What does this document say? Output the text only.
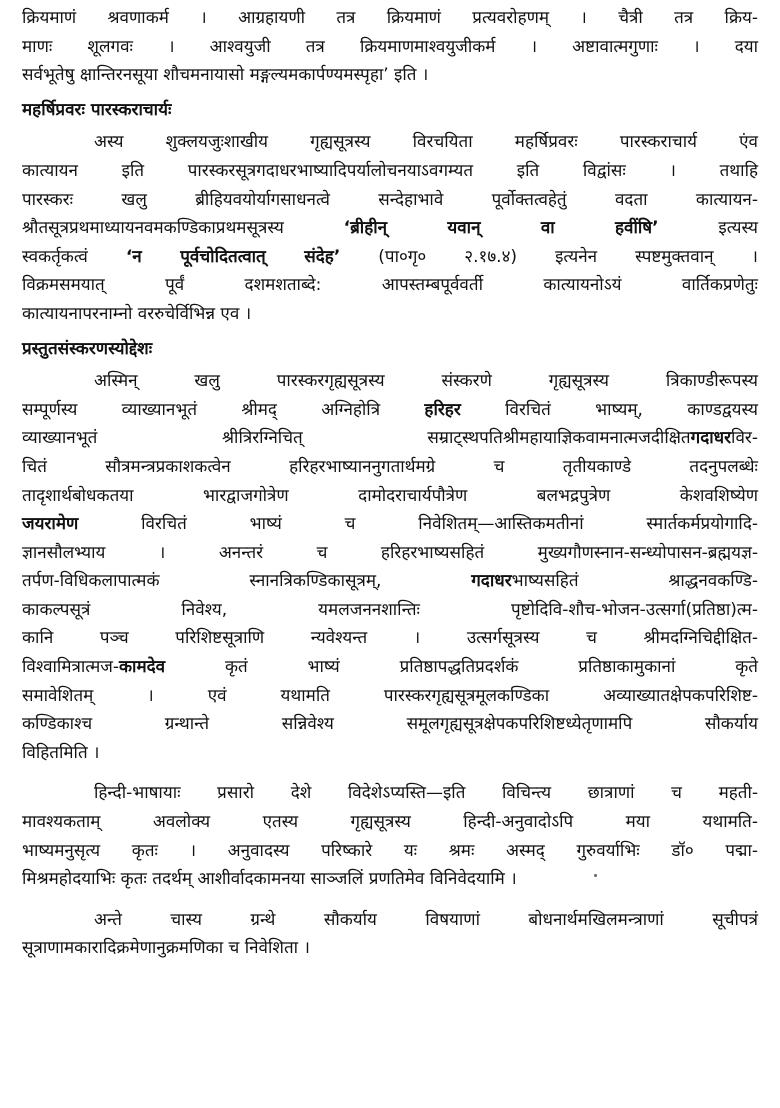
क्रियमाणं श्रवणाकर्म । आग्रहायणी तत्र क्रियमाणं प्रत्यवरोहणम् । चैत्री तत्र क्रिय-
माणः शूलगवः । आश्वयुजी तत्र क्रियमाणमाश्वयुजीकर्म । अष्टावात्मगुणाः । दया
सर्वभूतेषु क्षान्तिरनसूया शौचमनायासो मङ्गल्यमकार्पण्यमस्पृहा’ इति ।
महर्षिप्रवरः पारस्कराचार्यः
अस्य शुक्लयजुःशाखीय गृह्यसूत्रस्य विरचयिता महर्षिप्रवरः पारस्कराचार्य एंव
कात्यायन इति पारस्करसूत्रगदाधरभाष्यादिपर्यालोचनयाऽवगम्यत इति विद्वांसः । तथाहि
पारस्करः खलु ब्रीहियवयोर्यागसाधनत्वे सन्देहाभावे पूर्वोक्तत्वहेतुं वदता कात्यायन-
श्रौतसूत्रप्रथमाध्यायनवमकण्डिकाप्रथमसूत्रस्य ‘ब्रीहीन् यवान् वा हवींषि’ इत्यस्य
स्वकर्तृकत्वं ‘न पूर्वचोदितत्वात् संदेह’ (पा०गृ० २.१७.४) इत्यनेन स्पष्टमुक्तवान् ।
विक्रमसमयात् पूर्वं दशमशताब्दे: आपस्तम्बपूर्ववर्ती कात्यायनोऽयं वार्तिकप्रणेतुः
कात्यायनापरनाम्नो वररुचेर्विभिन्न एव ।
प्रस्तुतसंस्करणस्योद्देशः
अस्मिन् खलु पारस्करगृह्यसूत्रस्य संस्करणे गृह्यसूत्रस्य त्रिकाण्डीरूपस्य
सम्पूर्णस्य व्याख्यानभूतं श्रीमद् अग्निहोत्रि हरिहर विरचितं भाष्यम्, काण्डद्वयस्य
व्याख्यानभूतं श्रीत्रिरग्निचित् सम्राट्स्थपतिश्रीमहायाज्ञिकवामनात्मजदीक्षितगदाधरविर-
चितं सौत्रमन्त्रप्रकाशकत्वेन हरिहरभाष्याननुगतार्थमग्रे च तृतीयकाण्डे तदनुपलब्धेः
तादृशार्थबोधकतया भारद्वाजगोत्रेण दामोदराचार्यपौत्रेण बलभद्रपुत्रेण केशवशिष्येण
जयरामेण विरचितं भाष्यं च निवेशितम्—आस्तिकमतीनां स्मार्तकर्मप्रयोगादि-
ज्ञानसौलभ्याय । अनन्तरं च हरिहरभाष्यसहितं मुख्यगौणस्नान-सन्ध्योपासन-ब्रह्मयज्ञ-
तर्पण-विधिकलापात्मकं स्नानत्रिकण्डिकासूत्रम्, गदाधरभाष्यसहितं श्राद्धनवकण्डि-
काकल्पसूत्रं निवेश्य, यमलजननशान्तिः पृष्टोदिवि-शौच-भोजन-उत्सर्गा(प्रतिष्ठा)त्म-
कानि पञ्च परिशिष्टसूत्राणि न्यवेश्यन्त । उत्सर्गसूत्रस्य च श्रीमदग्निचिद्दीक्षित-
विश्वामित्रात्मज-कामदेव कृतं भाष्यं प्रतिष्ठापद्धतिप्रदर्शकं प्रतिष्ठाकामुकानां कृते
समावेशितम् । एवं यथामति पारस्करगृह्यसूत्रमूलकण्डिका अव्याख्यातक्षेपकपरिशिष्ट-
कण्डिकाश्च ग्रन्थान्ते सन्निवेश्य समूलगृह्यसूत्रक्षेपकपरिशिष्टध्येतृणामपि सौकर्याय
विहितमिति ।
हिन्दी-भाषायाः प्रसारो देशे विदेशेऽप्यस्ति—इति विचिन्त्य छात्राणां च महती-
मावश्यकताम् अवलोक्य एतस्य गृह्यसूत्रस्य हिन्दी-अनुवादोऽपि मया यथामति-
भाष्यमनुसृत्य कृतः । अनुवादस्य परिष्कारे यः श्रमः अस्मद् गुरुवर्याभिः डॉ० पद्मा-
मिश्रमहोदयाभिः कृतः तदर्थम् आशीर्वादकामनया साञ्जलिं प्रणतिमेव विनिवेदयामि ।
अन्ते चास्य ग्रन्थे सौकर्याय विषयाणां बोधनार्थमखिलमन्त्राणां सूचीपत्रं
सूत्राणामकारादिक्रमेणानुक्रमणिका च निवेशिता ।
